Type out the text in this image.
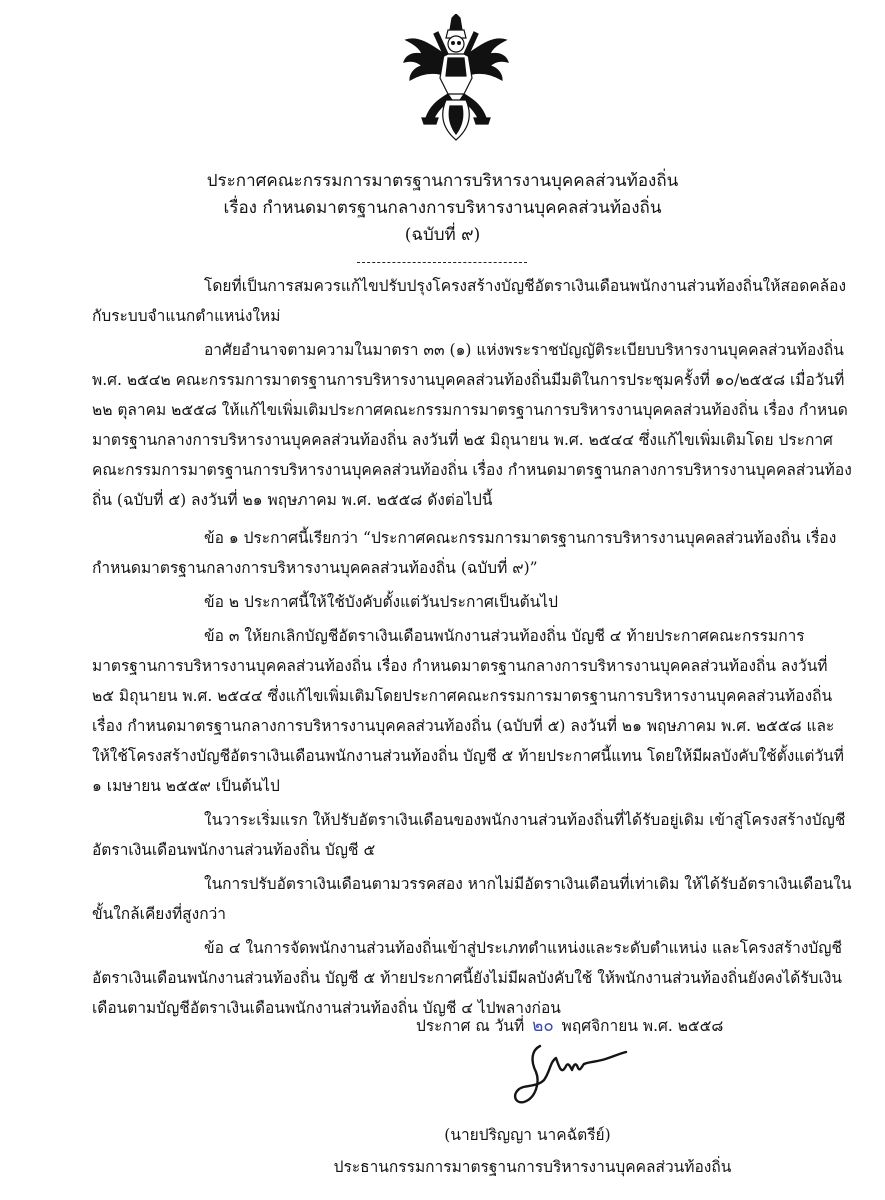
ประกาศคณะกรรมการมาตรฐานการบริหารงานบุคคลส่วนท้องถิ่น

เรื่อง กำหนดมาตรฐานกลางการบริหารงานบุคคลส่วนท้องถิ่น

(ฉบับที่ ๙)

โดยที่เป็นการสมควรแก้ไขปรับปรุงโครงสร้างบัญชีอัตราเงินเดือนพนักงานส่วนท้องถิ่นให้สอดคล้องกับระบบจำแนกตำแหน่งใหม่

อาศัยอำนาจตามความในมาตรา ๓๓ (๑) แห่งพระราชบัญญัติระเบียบบริหารงานบุคคลส่วนท้องถิ่น พ.ศ. ๒๕๔๒ คณะกรรมการมาตรฐานการบริหารงานบุคคลส่วนท้องถิ่นมีมติในการประชุมครั้งที่ ๑๐/๒๕๕๘ เมื่อวันที่ ๒๒ ตุลาคม ๒๕๕๘ ให้แก้ไขเพิ่มเติมประกาศคณะกรรมการมาตรฐานการบริหารงานบุคคลส่วนท้องถิ่น เรื่อง กำหนดมาตรฐานกลางการบริหารงานบุคคลส่วนท้องถิ่น ลงวันที่ ๒๕ มิถุนายน พ.ศ. ๒๕๔๔ ซึ่งแก้ไขเพิ่มเติมโดย ประกาศคณะกรรมการมาตรฐานการบริหารงานบุคคลส่วนท้องถิ่น เรื่อง กำหนดมาตรฐานกลางการบริหารงานบุคคลส่วนท้องถิ่น (ฉบับที่ ๕) ลงวันที่ ๒๑ พฤษภาคม พ.ศ. ๒๕๕๘ ดังต่อไปนี้

ข้อ ๑ ประกาศนี้เรียกว่า “ประกาศคณะกรรมการมาตรฐานการบริหารงานบุคคลส่วนท้องถิ่น เรื่อง กำหนดมาตรฐานกลางการบริหารงานบุคคลส่วนท้องถิ่น (ฉบับที่ ๙)”

ข้อ ๒ ประกาศนี้ให้ใช้บังคับตั้งแต่วันประกาศเป็นต้นไป

ข้อ ๓ ให้ยกเลิกบัญชีอัตราเงินเดือนพนักงานส่วนท้องถิ่น บัญชี ๔ ท้ายประกาศคณะกรรมการมาตรฐานการบริหารงานบุคคลส่วนท้องถิ่น เรื่อง กำหนดมาตรฐานกลางการบริหารงานบุคคลส่วนท้องถิ่น ลงวันที่ ๒๕ มิถุนายน พ.ศ. ๒๕๔๔ ซึ่งแก้ไขเพิ่มเติมโดยประกาศคณะกรรมการมาตรฐานการบริหารงานบุคคลส่วนท้องถิ่น เรื่อง กำหนดมาตรฐานกลางการบริหารงานบุคคลส่วนท้องถิ่น (ฉบับที่ ๕) ลงวันที่ ๒๑ พฤษภาคม พ.ศ. ๒๕๕๘ และให้ใช้โครงสร้างบัญชีอัตราเงินเดือนพนักงานส่วนท้องถิ่น บัญชี ๕ ท้ายประกาศนี้แทน โดยให้มีผลบังคับใช้ตั้งแต่วันที่ ๑ เมษายน ๒๕๕๙ เป็นต้นไป

ในวาระเริ่มแรก ให้ปรับอัตราเงินเดือนของพนักงานส่วนท้องถิ่นที่ได้รับอยู่เดิม เข้าสู่โครงสร้างบัญชีอัตราเงินเดือนพนักงานส่วนท้องถิ่น บัญชี ๕

ในการปรับอัตราเงินเดือนตามวรรคสอง หากไม่มีอัตราเงินเดือนที่เท่าเดิม ให้ได้รับอัตราเงินเดือนในขั้นใกล้เคียงที่สูงกว่า

ข้อ ๔ ในการจัดพนักงานส่วนท้องถิ่นเข้าสู่ประเภทตำแหน่งและระดับตำแหน่ง และโครงสร้างบัญชีอัตราเงินเดือนพนักงานส่วนท้องถิ่น บัญชี ๕ ท้ายประกาศนี้ยังไม่มีผลบังคับใช้ ให้พนักงานส่วนท้องถิ่นยังคงได้รับเงินเดือนตามบัญชีอัตราเงินเดือนพนักงานส่วนท้องถิ่น บัญชี ๔ ไปพลางก่อน

ประกาศ ณ วันที่ ๒๐ พฤศจิกายน พ.ศ. ๒๕๕๘
(นายปริญญา นาคฉัตรีย์)
ประธานกรรมการมาตรฐานการบริหารงานบุคคลส่วนท้องถิ่น
